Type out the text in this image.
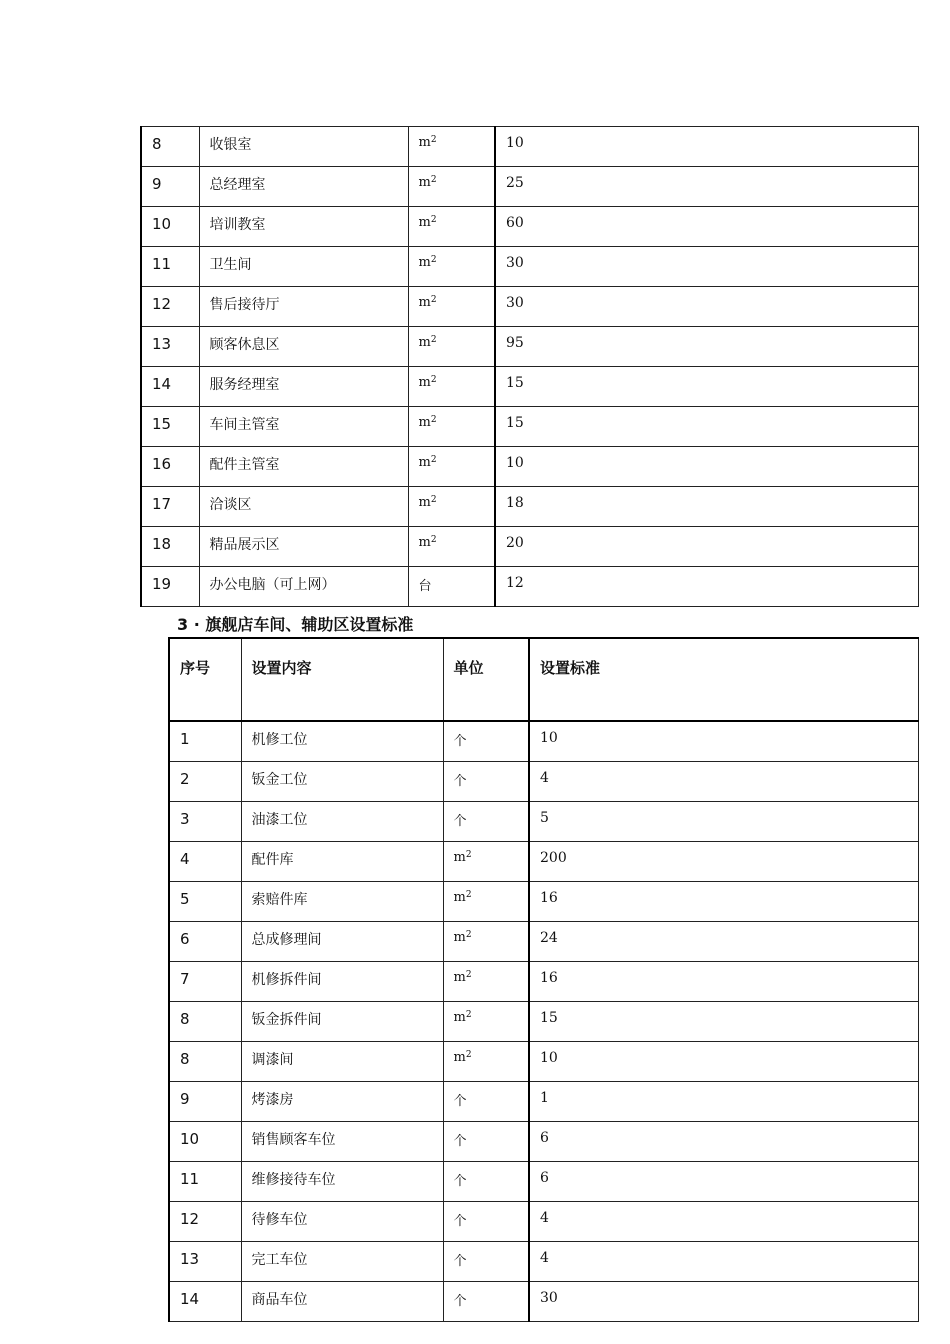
8	收银室	$m^2$	10
9	总经理室	$m^2$	25
10	培训教室	$m^2$	60
11	卫生间	$m^2$	30
12	售后接待厅	$m^2$	30
13	顾客休息区	$m^2$	95
14	服务经理室	$m^2$	15
15	车间主管室	$m^2$	15
16	配件主管室	$m^2$	10
17	洽谈区	$m^2$	18
18	精品展示区	$m^2$	20
19	办公电脑（可上网）	台	12
3 · 旗舰店车间、辅助区设置标准
序号	设置内容	单位	设置标准
1	机修工位	个	10
2	钣金工位	个	4
3	油漆工位	个	5
4	配件库	$m^2$	200
5	索赔件库	$m^2$	16
6	总成修理间	$m^2$	24
7	机修拆件间	$m^2$	16
8	钣金拆件间	$m^2$	15
8	调漆间	$m^2$	10
9	烤漆房	个	1
10	销售顾客车位	个	6
11	维修接待车位	个	6
12	待修车位	个	4
13	完工车位	个	4
14	商品车位	个	30
